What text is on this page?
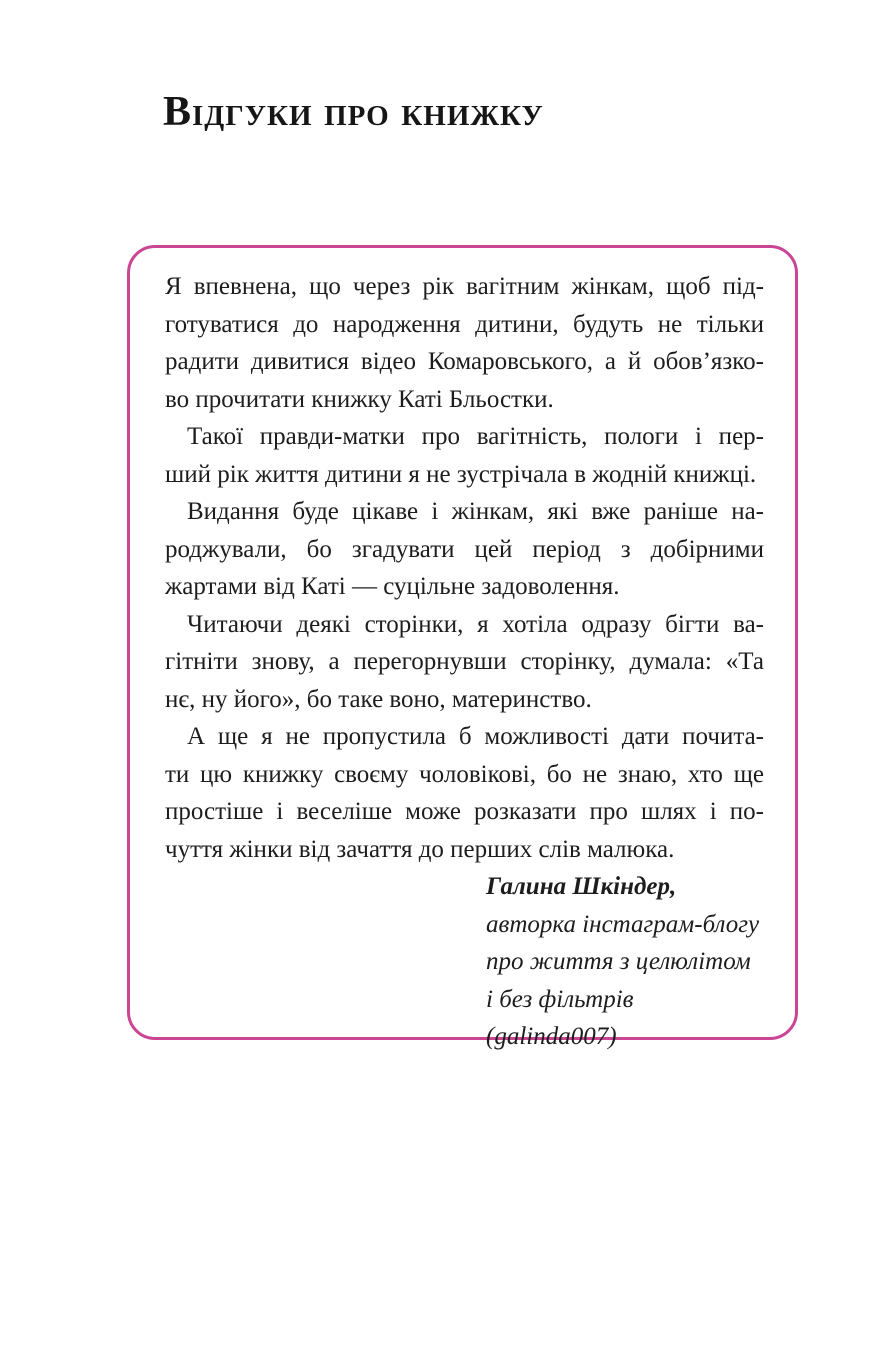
Відгуки про книжку
Я впевнена, що через рік вагітним жінкам, щоб під-
готуватися до народження дитини, будуть не тільки
радити дивитися відео Комаровського, а й обов’язко-
во прочитати книжку Каті Бльостки.
Такої правди-матки про вагітність, пологи і пер-
ший рік життя дитини я не зустрічала в жодній книжці.
Видання буде цікаве і жінкам, які вже раніше на-
роджували, бо згадувати цей період з добірними
жартами від Каті — суцільне задоволення.
Читаючи деякі сторінки, я хотіла одразу бігти ва-
гітніти знову, а перегорнувши сторінку, думала: «Та
нє, ну його», бо таке воно, материнство.
А ще я не пропустила б можливості дати почита-
ти цю книжку своєму чоловікові, бо не знаю, хто ще
простіше і веселіше може розказати про шлях і по-
чуття жінки від зачаття до перших слів малюка.
Галина Шкіндер,
авторка інстаграм-блогу
про життя з целюлітом
і без фільтрів (galinda007)
